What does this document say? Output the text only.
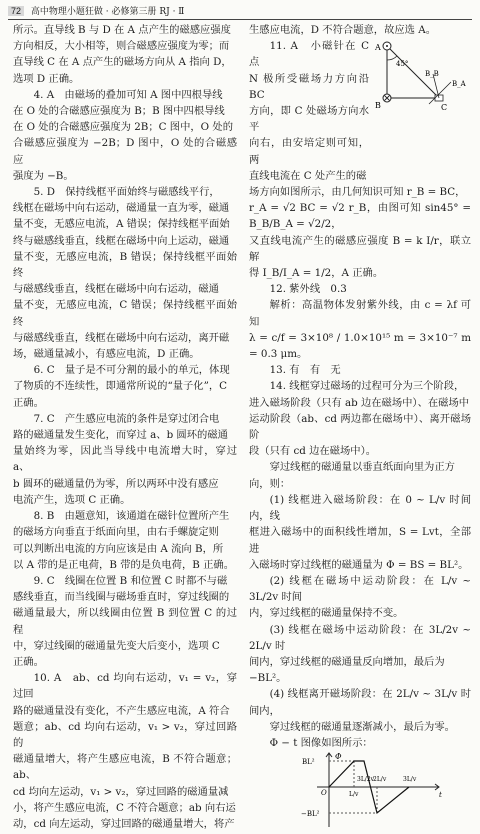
72 高中物理小题狂做 · 必修第三册 RJ · Ⅱ

所示。直导线 B 与 D 在 A 点产生的磁感应强度

方向相反，大小相等，则合磁感应强度为零；而

直导线 C 在 A 点产生的磁场方向从 A 指向 D，

选项 D 正确。

4. A　由磁场的叠加可知 A 图中四根导线

在 O 处的合磁感应强度为 B；B 图中四根导线

在 O 处的合磁感应强度为 2B；C 图中，O 处的

合磁感应强度为 −2B；D 图中，O 处的合磁感应

强度为 −B。

5. D　保持线框平面始终与磁感线平行，

线框在磁场中向右运动，磁通量一直为零，磁通

量不变，无感应电流，A 错误；保持线框平面始

终与磁感线垂直，线框在磁场中向上运动，磁通

量不变，无感应电流，B 错误；保持线框平面始终

与磁感线垂直，线框在磁场中向右运动，磁通

量不变，无感应电流，C 错误；保持线框平面始终

与磁感线垂直，线框在磁场中向右运动，离开磁

场，磁通量减小，有感应电流，D 正确。

6. C　量子是不可分割的最小的单元，体现

了物质的不连续性，即通常所说的“量子化”，C

正确。

7. C　产生感应电流的条件是穿过闭合电

路的磁通量发生变化，而穿过 a、b 圆环的磁通

量始终为零，因此当导线中电流增大时，穿过 a、

b 圆环的磁通量仍为零，所以两环中没有感应

电流产生，选项 C 正确。

8. B　由题意知，该通道在磁针位置所产生

的磁场方向垂直于纸面向里，由右手螺旋定则

可以判断出电流的方向应该是由 A 流向 B，所

以 A 带的是正电荷，B 带的是负电荷，B 正确。

9. C　线圈在位置 B 和位置 C 时都不与磁

感线垂直，而当线圈与磁场垂直时，穿过线圈的

磁通量最大，所以线圈由位置 B 到位置 C 的过程

中，穿过线圈的磁通量先变大后变小，选项 C

正确。

10. A　ab、cd 均向右运动，v₁ = v₂，穿过回

路的磁通量没有变化，不产生感应电流，A 符合

题意；ab、cd 均向右运动，v₁ > v₂，穿过回路的

磁通量增大，将产生感应电流，B 不符合题意；ab、

cd 均向左运动，v₁ > v₂，穿过回路的磁通量减

小，将产生感应电流，C 不符合题意；ab 向右运

动，cd 向左运动，穿过回路的磁通量增大，将产

生感应电流，D 不符合题意，故应选 A。

11. A　小磁针在 C 点

N 极所受磁场力方向沿 BC

方向，即 C 处磁场方向水平

向右，由安培定则可知，两

直线电流在 C 处产生的磁

45°
A
B	C
B_A
B_B

场方向如图所示，由几何知识可知 r_B = BC，

r_A = √2 BC = √2 r_B，由图可知 sin45° = B_B/B_A = √2/2，

又直线电流产生的磁感应强度 B = k I/r，联立解

得 I_B/I_A = 1/2，A 正确。

12. 紫外线　0.3

解析：高温物体发射紫外线，由 c = λf 可知

λ = c/f = 3×10⁸ / 1.0×10¹⁵ m = 3×10⁻⁷ m = 0.3 μm。

13. 有　有　无

14. 线框穿过磁场的过程可分为三个阶段，

进入磁场阶段（只有 ab 边在磁场中）、在磁场中

运动阶段（ab、cd 两边都在磁场中）、离开磁场阶

段（只有 cd 边在磁场中）。

穿过线框的磁通量以垂直纸面向里为正方

向，则：

(1) 线框进入磁场阶段：在 0 ~ L/v 时间内，线

框进入磁场中的面积线性增加，S = Lvt，全部进

入磁场时穿过线框的磁通量为 Φ = BS = BL²。

(2) 线框在磁场中运动阶段：在 L/v ~ 3L/2v 时间

内，穿过线框的磁通量保持不变。

(3) 线框在磁场中运动阶段：在 3L/2v ~ 2L/v 时

间内，穿过线框的磁通量反向增加，最后为

−BL²。

(4) 线框离开磁场阶段：在 2L/v ~ 3L/v 时间内，

穿过线框的磁通量逐渐减小，最后为零。

Φ − t 图像如图所示：

Φ
BL²
−BL²
O	t
L/v
3L/2v
2L/v	3L/v
